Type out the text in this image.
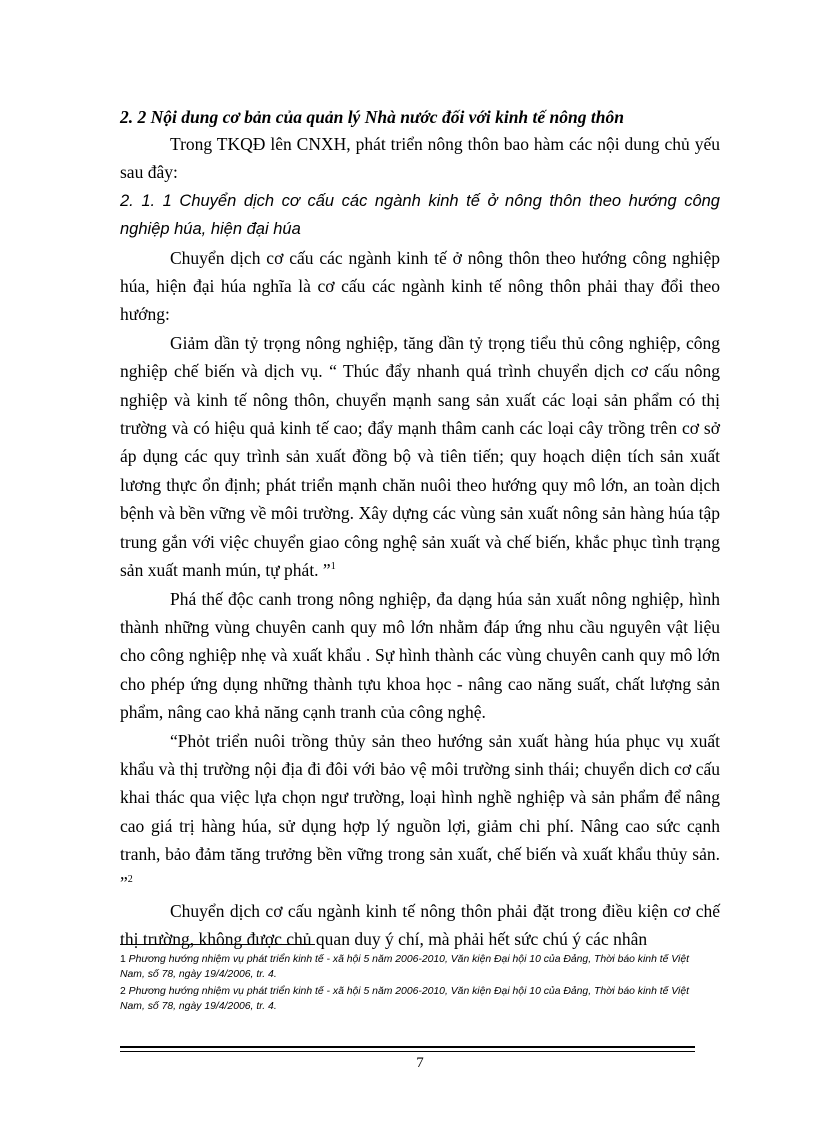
2. 2 Nội dung cơ bản của quản lý Nhà nước đối với kinh tế nông thôn

Trong TKQĐ lên CNXH, phát triển nông thôn bao hàm các nội dung chủ yếu sau đây:

2. 1. 1 Chuyển dịch cơ cấu các ngành kinh tế ở nông thôn theo hướng công nghiệp húa, hiện đại húa

Chuyển dịch cơ cấu các ngành kinh tế ở nông thôn theo hướng công nghiệp húa, hiện đại húa nghĩa là cơ cấu các ngành kinh tế nông thôn phải thay đổi theo hướng:

Giảm dần tỷ trọng nông nghiệp, tăng dần tỷ trọng tiểu thủ công nghiệp, công nghiệp chế biến và dịch vụ. “ Thúc đẩy nhanh quá trình chuyển dịch cơ cấu nông nghiệp và kinh tế nông thôn, chuyển mạnh sang sản xuất các loại sản phẩm có thị trường và có hiệu quả kinh tế cao; đẩy mạnh thâm canh các loại cây trồng trên cơ sở áp dụng các quy trình sản xuất đồng bộ và tiên tiến; quy hoạch diện tích sản xuất lương thực ổn định; phát triển mạnh chăn nuôi theo hướng quy mô lớn, an toàn dịch bệnh và bền vững về môi trường. Xây dựng các vùng sản xuất nông sản hàng húa tập trung gắn với việc chuyển giao công nghệ sản xuất và chế biến, khắc phục tình trạng sản xuất manh mún, tự phát. ”$^1$

Phá thế độc canh trong nông nghiệp, đa dạng húa sản xuất nông nghiệp, hình thành những vùng chuyên canh quy mô lớn nhằm đáp ứng nhu cầu nguyên vật liệu cho công nghiệp nhẹ và xuất khẩu . Sự hình thành các vùng chuyên canh quy mô lớn cho phép ứng dụng những thành tựu khoa học - nâng cao năng suất, chất lượng sản phẩm, nâng cao khả năng cạnh tranh của công nghệ.

“Phỏt triển nuôi trồng thủy sản theo hướng sản xuất hàng húa phục vụ xuất khẩu và thị trường nội địa đi đôi với bảo vệ môi trường sinh thái; chuyển dich cơ cấu khai thác qua việc lựa chọn ngư trường, loại hình nghề nghiệp và sản phẩm để nâng cao giá trị hàng húa, sử dụng hợp lý nguồn lợi, giảm chi phí. Nâng cao sức cạnh tranh, bảo đảm tăng trưởng bền vững trong sản xuất, chế biến và xuất khẩu thủy sản. ”$^2$

Chuyển dịch cơ cấu ngành kinh tế nông thôn phải đặt trong điều kiện cơ chế thị trường, không được chủ quan duy ý chí, mà phải hết sức chú ý các nhân

1 Phương hướng nhiệm vụ phát triển kinh tế - xã hội 5 năm 2006-2010, Văn kiện Đại hội 10 của Đảng, Thời báo kinh tế Việt Nam, số 78, ngày 19/4/2006, tr. 4.
2 Phương hướng nhiệm vụ phát triển kinh tế - xã hội 5 năm 2006-2010, Văn kiện Đại hội 10 của Đảng, Thời báo kinh tế Việt Nam, số 78, ngày 19/4/2006, tr. 4.
7
